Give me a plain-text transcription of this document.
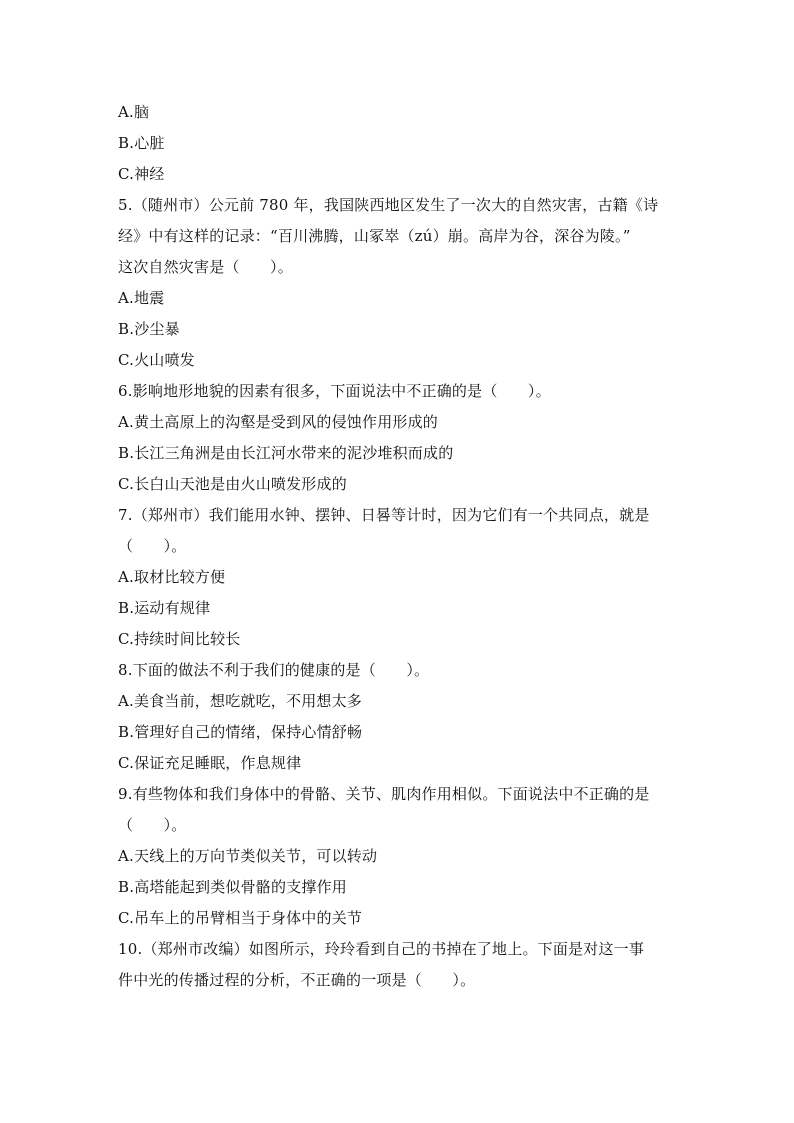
A.脑
B.心脏
C.神经
5.（随州市）公元前 780 年，我国陕西地区发生了一次大的自然灾害，古籍《诗
经》中有这样的记录：“百川沸腾，山冢崒（zú）崩。高岸为谷，深谷为陵。”
这次自然灾害是（　　）。
A.地震
B.沙尘暴
C.火山喷发
6.影响地形地貌的因素有很多，下面说法中不正确的是（　　）。
A.黄土高原上的沟壑是受到风的侵蚀作用形成的
B.长江三角洲是由长江河水带来的泥沙堆积而成的
C.长白山天池是由火山喷发形成的
7.（郑州市）我们能用水钟、摆钟、日晷等计时，因为它们有一个共同点，就是
（　　）。
A.取材比较方便
B.运动有规律
C.持续时间比较长
8.下面的做法不利于我们的健康的是（　　）。
A.美食当前，想吃就吃，不用想太多
B.管理好自己的情绪，保持心情舒畅
C.保证充足睡眠，作息规律
9.有些物体和我们身体中的骨骼、关节、肌肉作用相似。下面说法中不正确的是
（　　）。
A.天线上的万向节类似关节，可以转动
B.高塔能起到类似骨骼的支撑作用
C.吊车上的吊臂相当于身体中的关节
10.（郑州市改编）如图所示，玲玲看到自己的书掉在了地上。下面是对这一事
件中光的传播过程的分析，不正确的一项是（　　）。
